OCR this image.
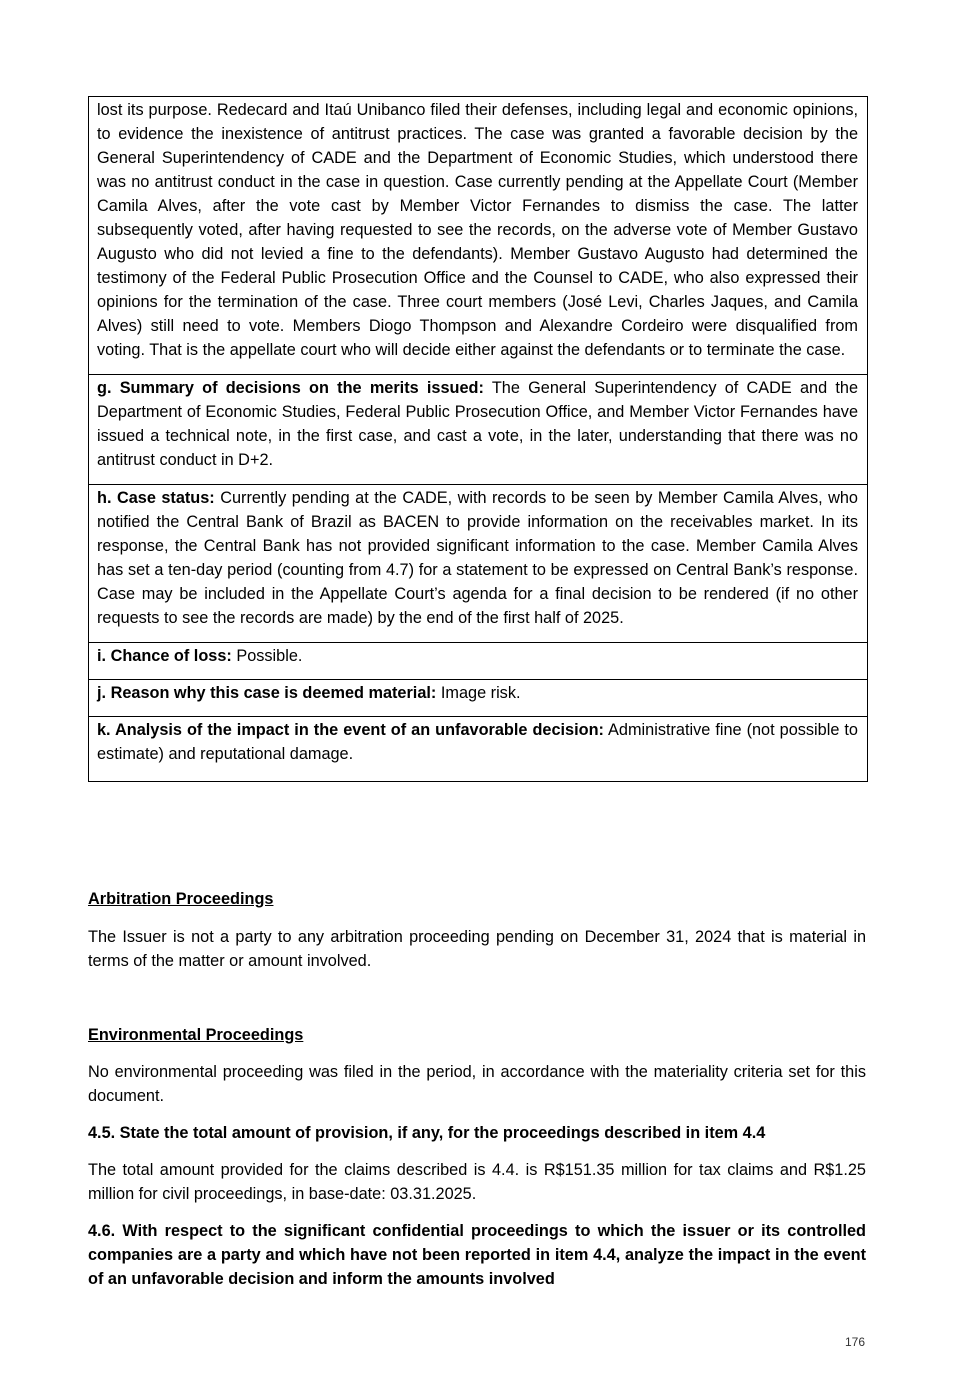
lost its purpose. Redecard and Itaú Unibanco filed their defenses, including legal and economic opinions, to evidence the inexistence of antitrust practices. The case was granted a favorable decision by the General Superintendency of CADE and the Department of Economic Studies, which understood there was no antitrust conduct in the case in question. Case currently pending at the Appellate Court (Member Camila Alves, after the vote cast by Member Victor Fernandes to dismiss the case. The latter subsequently voted, after having requested to see the records, on the adverse vote of Member Gustavo Augusto who did not levied a fine to the defendants). Member Gustavo Augusto had determined the testimony of the Federal Public Prosecution Office and the Counsel to CADE, who also expressed their opinions for the termination of the case. Three court members (José Levi, Charles Jaques, and Camila Alves) still need to vote. Members Diogo Thompson and Alexandre Cordeiro were disqualified from voting. That is the appellate court who will decide either against the defendants or to terminate the case.
g. Summary of decisions on the merits issued: The General Superintendency of CADE and the Department of Economic Studies, Federal Public Prosecution Office, and Member Victor Fernandes have issued a technical note, in the first case, and cast a vote, in the later, understanding that there was no antitrust conduct in D+2.
h. Case status: Currently pending at the CADE, with records to be seen by Member Camila Alves, who notified the Central Bank of Brazil as BACEN to provide information on the receivables market. In its response, the Central Bank has not provided significant information to the case. Member Camila Alves has set a ten-day period (counting from 4.7) for a statement to be expressed on Central Bank’s response. Case may be included in the Appellate Court’s agenda for a final decision to be rendered (if no other requests to see the records are made) by the end of the first half of 2025.
i. Chance of loss: Possible.
j. Reason why this case is deemed material: Image risk.
k. Analysis of the impact in the event of an unfavorable decision: Administrative fine (not possible to estimate) and reputational damage.
Arbitration Proceedings
The Issuer is not a party to any arbitration proceeding pending on December 31, 2024 that is material in terms of the matter or amount involved.
Environmental Proceedings
No environmental proceeding was filed in the period, in accordance with the materiality criteria set for this document.
4.5. State the total amount of provision, if any, for the proceedings described in item 4.4
The total amount provided for the claims described is 4.4. is R$151.35 million for tax claims and R$1.25 million for civil proceedings, in base-date: 03.31.2025.
4.6. With respect to the significant confidential proceedings to which the issuer or its controlled companies are a party and which have not been reported in item 4.4, analyze the impact in the event of an unfavorable decision and inform the amounts involved
176
